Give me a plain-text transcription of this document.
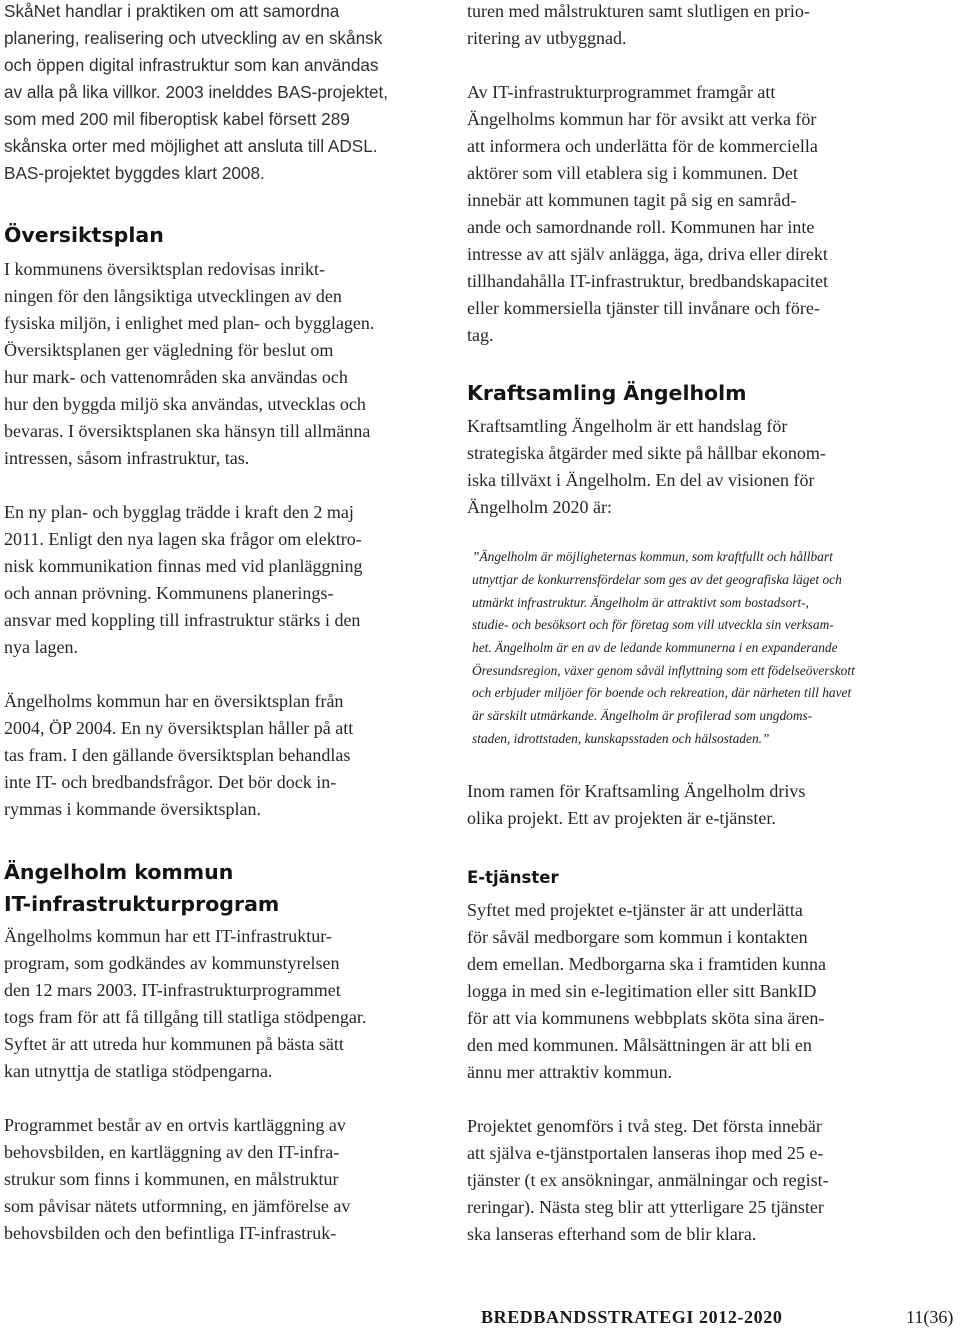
SkåNet handlar i praktiken om att samordna
planering, realisering och utveckling av en skånsk
och öppen digital infrastruktur som kan användas
av alla på lika villkor. 2003 inelddes BAS-projektet,
som med 200 mil fiberoptisk kabel försett 289
skånska orter med möjlighet att ansluta till ADSL.
BAS-projektet byggdes klart 2008.
Översiktsplan
I kommunens översiktsplan redovisas inrikt-
ningen för den långsiktiga utvecklingen av den
fysiska miljön, i enlighet med plan- och bygglagen.
Översiktsplanen ger vägledning för beslut om
hur mark- och vattenområden ska användas och
hur den byggda miljö ska användas, utvecklas och
bevaras. I översiktsplanen ska hänsyn till allmänna
intressen, såsom infrastruktur, tas.
En ny plan- och bygglag trädde i kraft den 2 maj
2011. Enligt den nya lagen ska frågor om elektro-
nisk kommunikation finnas med vid planläggning
och annan prövning. Kommunens planerings-
ansvar med koppling till infrastruktur stärks i den
nya lagen.
Ängelholms kommun har en översiktsplan från
2004, ÖP 2004. En ny översiktsplan håller på att
tas fram. I den gällande översiktsplan behandlas
inte IT- och bredbandsfrågor. Det bör dock in-
rymmas i kommande översiktsplan.
Ängelholm kommun
IT-infrastrukturprogram
Ängelholms kommun har ett IT-infrastruktur-
program, som godkändes av kommunstyrelsen
den 12 mars 2003. IT-infrastrukturprogrammet
togs fram för att få tillgång till statliga stödpengar.
Syftet är att utreda hur kommunen på bästa sätt
kan utnyttja de statliga stödpengarna.
Programmet består av en ortvis kartläggning av
behovsbilden, en kartläggning av den IT-infra-
strukur som finns i kommunen, en målstruktur
som påvisar nätets utformning, en jämförelse av
behovsbilden och den befintliga IT-infrastruk-
turen med målstrukturen samt slutligen en prio-
ritering av utbyggnad.
Av IT-infrastrukturprogrammet framgår att
Ängelholms kommun har för avsikt att verka för
att informera och underlätta för de kommerciella
aktörer som vill etablera sig i kommunen. Det
innebär att kommunen tagit på sig en samråd-
ande och samordnande roll. Kommunen har inte
intresse av att själv anlägga, äga, driva eller direkt
tillhandahålla IT-infrastruktur, bredbandskapacitet
eller kommersiella tjänster till invånare och före-
tag.
Kraftsamling Ängelholm
Kraftsamtling Ängelholm är ett handslag för
strategiska åtgärder med sikte på hållbar ekonom-
iska tillväxt i Ängelholm. En del av visionen för
Ängelholm 2020 är:
”Ängelholm är möjligheternas kommun, som kraftfullt och hållbart
utnyttjar de konkurrensfördelar som ges av det geografiska läget och
utmärkt infrastruktur. Ängelholm är attraktivt som bostadsort-,
studie- och besöksort och för företag som vill utveckla sin verksam-
het. Ängelholm är en av de ledande kommunerna i en expanderande
Öresundsregion, växer genom såväl inflyttning som ett födelseöverskott
och erbjuder miljöer för boende och rekreation, där närheten till havet
är särskilt utmärkande. Ängelholm är profilerad som ungdoms-
staden, idrottstaden, kunskapsstaden och hälsostaden.”
Inom ramen för Kraftsamling Ängelholm drivs
olika projekt. Ett av projekten är e-tjänster.
E-tjänster
Syftet med projektet e-tjänster är att underlätta
för såväl medborgare som kommun i kontakten
dem emellan. Medborgarna ska i framtiden kunna
logga in med sin e-legitimation eller sitt BankID
för att via kommunens webbplats sköta sina ären-
den med kommunen. Målsättningen är att bli en
ännu mer attraktiv kommun.
Projektet genomförs i två steg. Det första innebär
att själva e-tjänstportalen lanseras ihop med 25 e-
tjänster (t ex ansökningar, anmälningar och regist-
reringar). Nästa steg blir att ytterligare 25 tjänster
ska lanseras efterhand som de blir klara.
BREDBANDSSTRATEGI 2012-2020	11(36)
